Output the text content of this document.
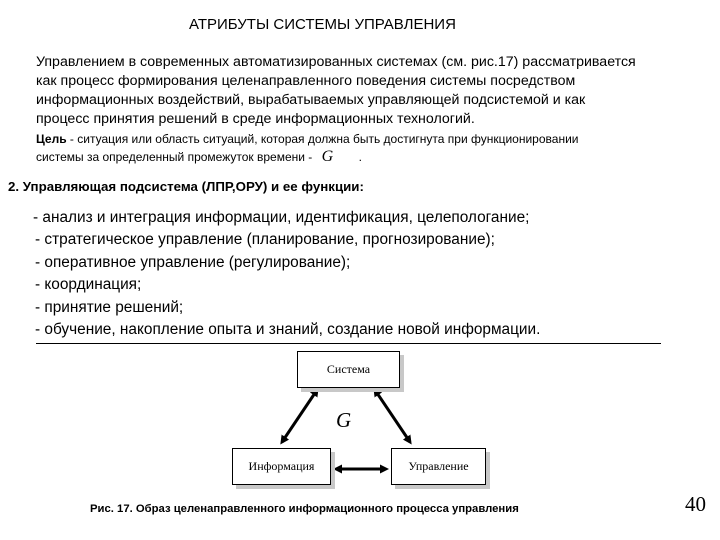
АТРИБУТЫ СИСТЕМЫ УПРАВЛЕНИЯ
Управлением в современных автоматизированных системах (см. рис.17) рассматривается
как процесс формирования целенаправленного поведения системы посредством
информационных воздействий, вырабатываемых управляющей подсистемой и как
процесс принятия решений в среде информационных технологий.
Цель - ситуация или область ситуаций, которая должна быть достигнута при функционировании
системы за определенный промежуток времени - G .
2. Управляющая подсистема (ЛПР,ОРУ) и ее функции:
- анализ и интеграция информации, идентификация, целепологание;
- стратегическое управление (планирование, прогнозирование);
- оперативное управление (регулирование);
- координация;
- принятие решений;
- обучение, накопление опыта и знаний, создание новой информации.
Система
Информация	Управление
G
Рис. 17. Образ целенаправленного информационного процесса управления	40
